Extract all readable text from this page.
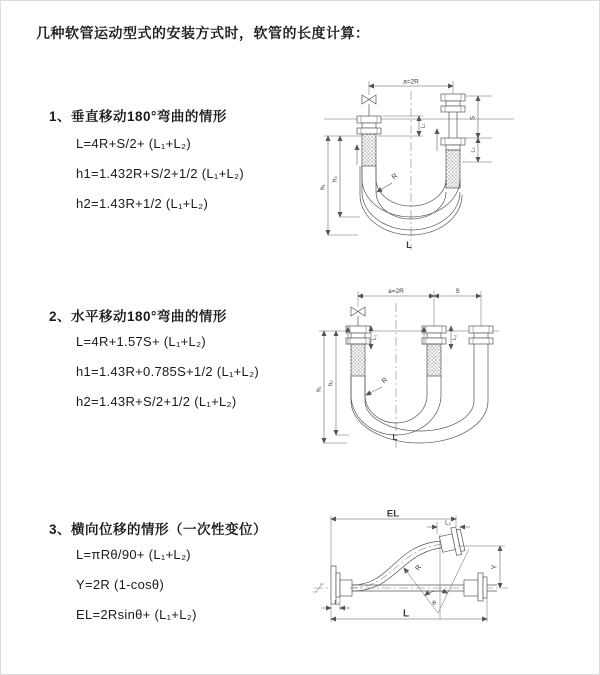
几种软管运动型式的安装方式时，软管的长度计算：
1、垂直移动180°弯曲的情形
L=4R+S/2+ (L₁+L₂)
h1=1.432R+S/2+1/2 (L₁+L₂)
h2=1.43R+1/2 (L₁+L₂)
a=2R
h₁
h₂
S
L₂
L₁
R
L
2、水平移动180°弯曲的情形
L=4R+1.57S+ (L₁+L₂)
h1=1.43R+0.785S+1/2 (L₁+L₂)
h2=1.43R+S/2+1/2 (L₁+L₂)
a=2R	S
h₁
h₂
L₁	L₂
R
L
3、横向位移的情形（一次性变位）
L=πRθ/90+ (L₁+L₂)
Y=2R (1-cosθ)
EL=2Rsinθ+ (L₁+L₂)
EL
L₂
Y
R
θ
L₁
L
